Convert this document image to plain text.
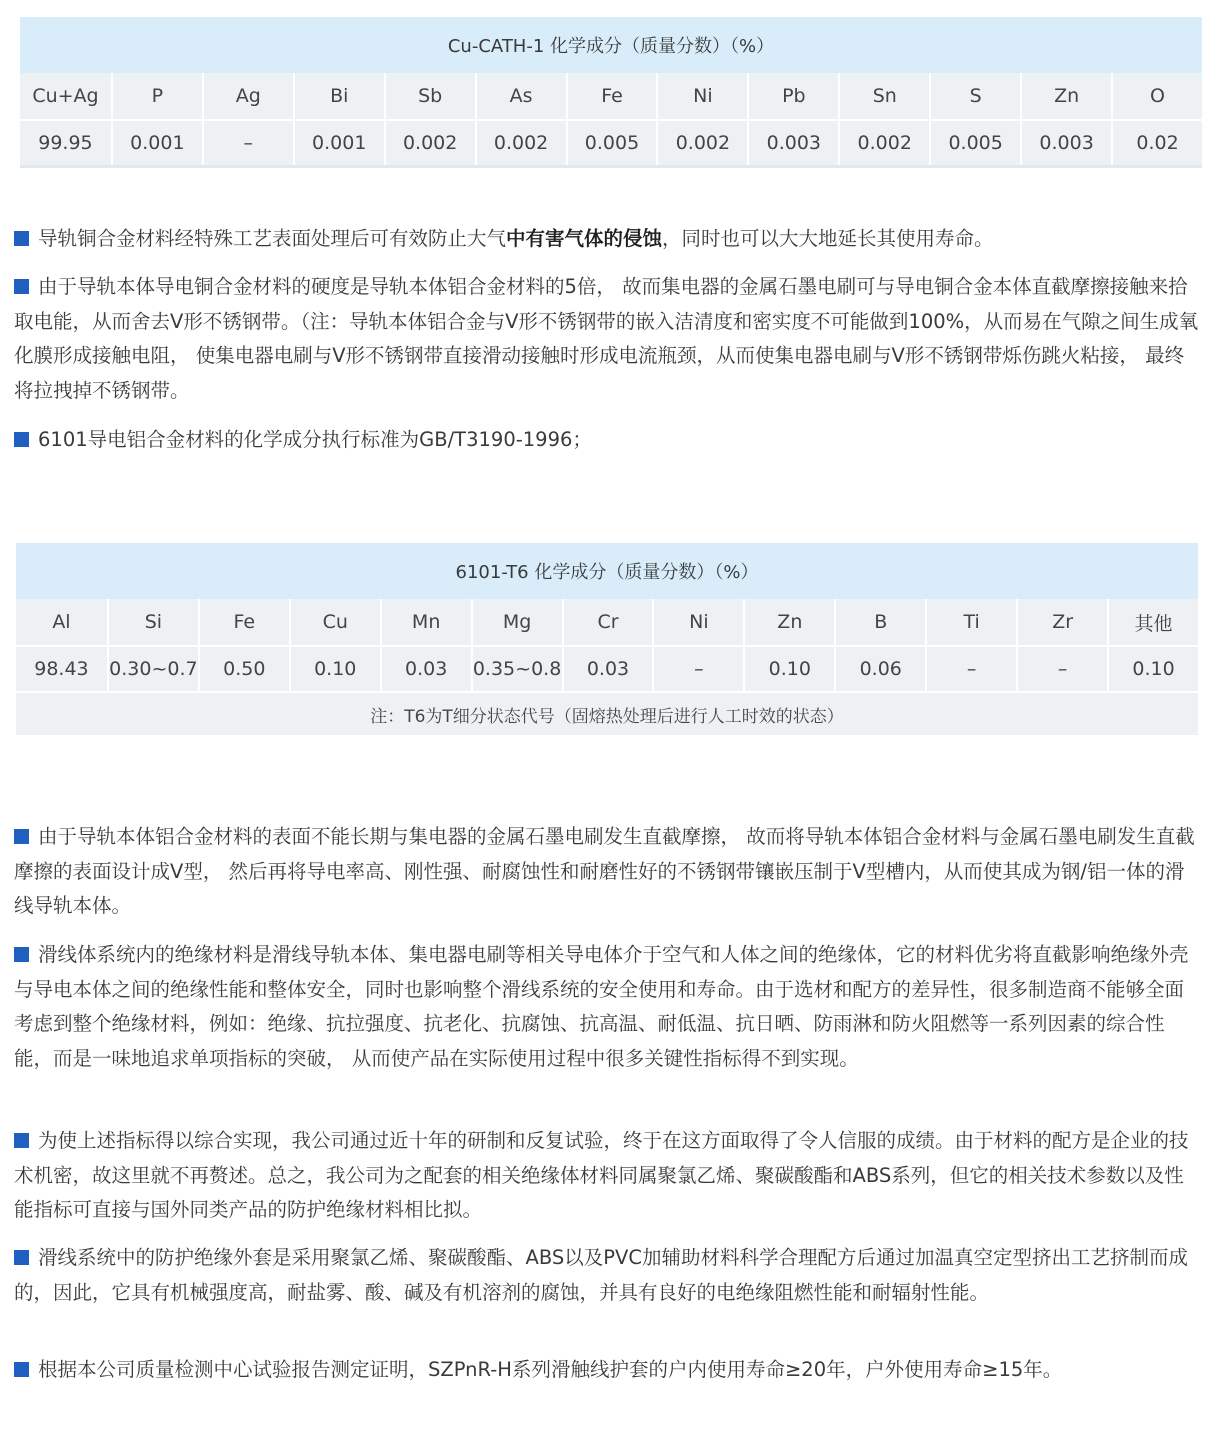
Cu-CATH-1 化学成分（质量分数）（%）												
Cu+Ag	P	Ag	Bi	Sb	As	Fe	Ni	Pb	Sn	S	Zn	O
99.95	0.001	–	0.001	0.002	0.002	0.005	0.002	0.003	0.002	0.005	0.003	0.02

导轨铜合金材料经特殊工艺表面处理后可有效防止大气中有害气体的侵蚀，同时也可以大大地延长其使用寿命。

由于导轨本体导电铜合金材料的硬度是导轨本体铝合金材料的5倍， 故而集电器的金属石墨电刷可与导电铜合金本体直截摩擦接触来拾取电能，从而舍去V形不锈钢带。（注：导轨本体铝合金与V形不锈钢带的嵌入洁清度和密实度不可能做到100%，从而易在气隙之间生成氧化膜形成接触电阻， 使集电器电刷与V形不锈钢带直接滑动接触时形成电流瓶颈，从而使集电器电刷与V形不锈钢带烁伤跳火粘接， 最终将拉拽掉不锈钢带。

6101导电铝合金材料的化学成分执行标准为GB/T3190-1996；

6101-T6 化学成分（质量分数）（%）												
Al	Si	Fe	Cu	Mn	Mg	Cr	Ni	Zn	B	Ti	Zr	其他
98.43	0.30~0.7	0.50	0.10	0.03	0.35~0.8	0.03	–	0.10	0.06	–	–	0.10
注：T6为T细分状态代号（固熔热处理后进行人工时效的状态）												

由于导轨本体铝合金材料的表面不能长期与集电器的金属石墨电刷发生直截摩擦， 故而将导轨本体铝合金材料与金属石墨电刷发生直截摩擦的表面设计成V型， 然后再将导电率高、刚性强、耐腐蚀性和耐磨性好的不锈钢带镶嵌压制于V型槽内，从而使其成为钢/铝一体的滑线导轨本体。

滑线体系统内的绝缘材料是滑线导轨本体、集电器电刷等相关导电体介于空气和人体之间的绝缘体，它的材料优劣将直截影响绝缘外壳与导电本体之间的绝缘性能和整体安全，同时也影响整个滑线系统的安全使用和寿命。由于选材和配方的差异性，很多制造商不能够全面考虑到整个绝缘材料，例如：绝缘、抗拉强度、抗老化、抗腐蚀、抗高温、耐低温、抗日晒、防雨淋和防火阻燃等一系列因素的综合性能，而是一味地追求单项指标的突破， 从而使产品在实际使用过程中很多关键性指标得不到实现。

为使上述指标得以综合实现，我公司通过近十年的研制和反复试验，终于在这方面取得了令人信服的成绩。由于材料的配方是企业的技术机密，故这里就不再赘述。总之，我公司为之配套的相关绝缘体材料同属聚氯乙烯、聚碳酸酯和ABS系列，但它的相关技术参数以及性能指标可直接与国外同类产品的防护绝缘材料相比拟。

滑线系统中的防护绝缘外套是采用聚氯乙烯、聚碳酸酯、ABS以及PVC加辅助材料科学合理配方后通过加温真空定型挤出工艺挤制而成的，因此，它具有机械强度高，耐盐雾、酸、碱及有机溶剂的腐蚀，并具有良好的电绝缘阻燃性能和耐辐射性能。

根据本公司质量检测中心试验报告测定证明，SZPnR-H系列滑触线护套的户内使用寿命≥20年，户外使用寿命≥15年。
